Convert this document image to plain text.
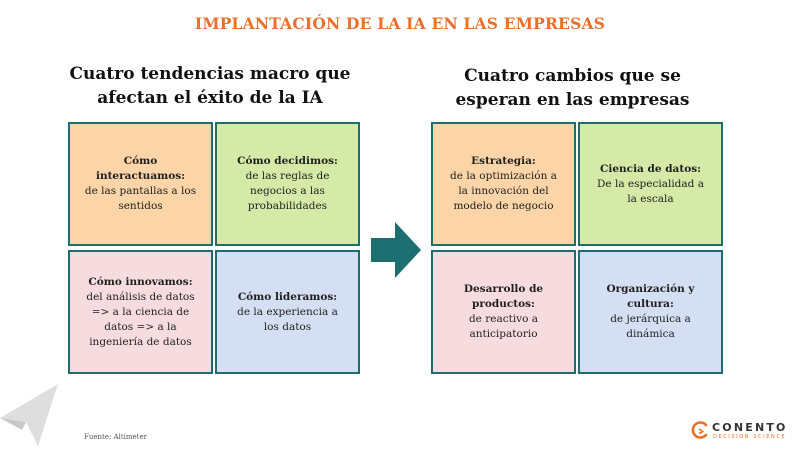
IMPLANTACIÓN DE LA IA EN LAS EMPRESAS
Cuatro tendencias macro que
afectan el éxito de la IA
Cuatro cambios que se
esperan en las empresas
Cómo
interactuamos:
de las pantallas a los
sentidos
Cómo decidimos:
de las reglas de
negocios a las
probabilidades
Cómo innovamos:
del análisis de datos
=> a la ciencia de
datos => a la
ingeniería de datos
Cómo lideramos:
de la experiencia a
los datos
Estrategia:
de la optimización a
la innovación del
modelo de negocio
Ciencia de datos:
De la especialidad a
la escala
Desarrollo de
productos:
de reactivo a
anticipatorio
Organización y
cultura:
de jerárquica a
dinámica
Fuente: Altimeter
CONENTO
DECISION SCIENCE
